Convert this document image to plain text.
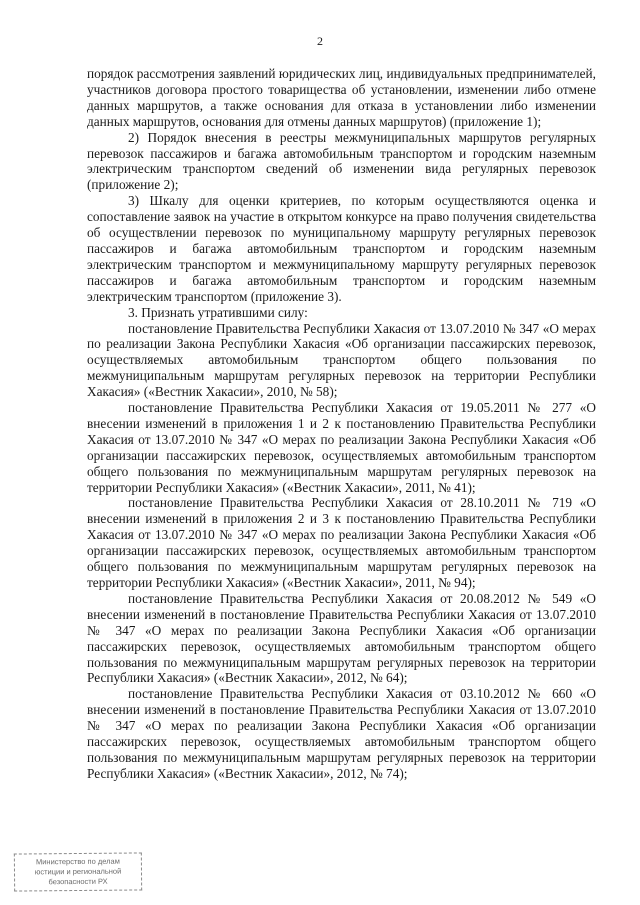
2

порядок рассмотрения заявлений юридических лиц, индивидуальных предпринимателей, участников договора простого товарищества об установлении, изменении либо отмене данных маршрутов, а также основания для отказа в установлении либо изменении данных маршрутов, основания для отмены данных маршрутов) (приложение 1);

2) Порядок внесения в реестры межмуниципальных маршрутов регулярных перевозок пассажиров и багажа автомобильным транспортом и городским наземным электрическим транспортом сведений об изменении вида регулярных перевозок (приложение 2);

3) Шкалу для оценки критериев, по которым осуществляются оценка и сопоставление заявок на участие в открытом конкурсе на право получения свидетельства об осуществлении перевозок по муниципальному маршруту регулярных перевозок пассажиров и багажа автомобильным транспортом и городским наземным электрическим транспортом и межмуниципальному маршруту регулярных перевозок пассажиров и багажа автомобильным транспортом и городским наземным электрическим транспортом (приложение 3).

3. Признать утратившими силу:

постановление Правительства Республики Хакасия от 13.07.2010 № 347 «О мерах по реализации Закона Республики Хакасия «Об организации пассажирских перевозок, осуществляемых автомобильным транспортом общего пользования по межмуниципальным маршрутам регулярных перевозок на территории Республики Хакасия» («Вестник Хакасии», 2010, № 58);

постановление Правительства Республики Хакасия от 19.05.2011 № 277 «О внесении изменений в приложения 1 и 2 к постановлению Правительства Республики Хакасия от 13.07.2010 № 347 «О мерах по реализации Закона Республики Хакасия «Об организации пассажирских перевозок, осуществляемых автомобильным транспортом общего пользования по межмуниципальным маршрутам регулярных перевозок на территории Республики Хакасия» («Вестник Хакасии», 2011, № 41);

постановление Правительства Республики Хакасия от 28.10.2011 № 719 «О внесении изменений в приложения 2 и 3 к постановлению Правительства Республики Хакасия от 13.07.2010 № 347 «О мерах по реализации Закона Республики Хакасия «Об организации пассажирских перевозок, осуществляемых автомобильным транспортом общего пользования по межмуниципальным маршрутам регулярных перевозок на территории Республики Хакасия» («Вестник Хакасии», 2011, № 94);

постановление Правительства Республики Хакасия от 20.08.2012 № 549 «О внесении изменений в постановление Правительства Республики Хакасия от 13.07.2010 № 347 «О мерах по реализации Закона Республики Хакасия «Об организации пассажирских перевозок, осуществляемых автомобильным транспортом общего пользования по межмуниципальным маршрутам регулярных перевозок на территории Республики Хакасия» («Вестник Хакасии», 2012, № 64);

постановление Правительства Республики Хакасия от 03.10.2012 № 660 «О внесении изменений в постановление Правительства Республики Хакасия от 13.07.2010 № 347 «О мерах по реализации Закона Республики Хакасия «Об организации пассажирских перевозок, осуществляемых автомобильным транспортом общего пользования по межмуниципальным маршрутам регулярных перевозок на территории Республики Хакасия» («Вестник Хакасии», 2012, № 74);

Министерство по делам
юстиции и региональной
безопасности РХ
